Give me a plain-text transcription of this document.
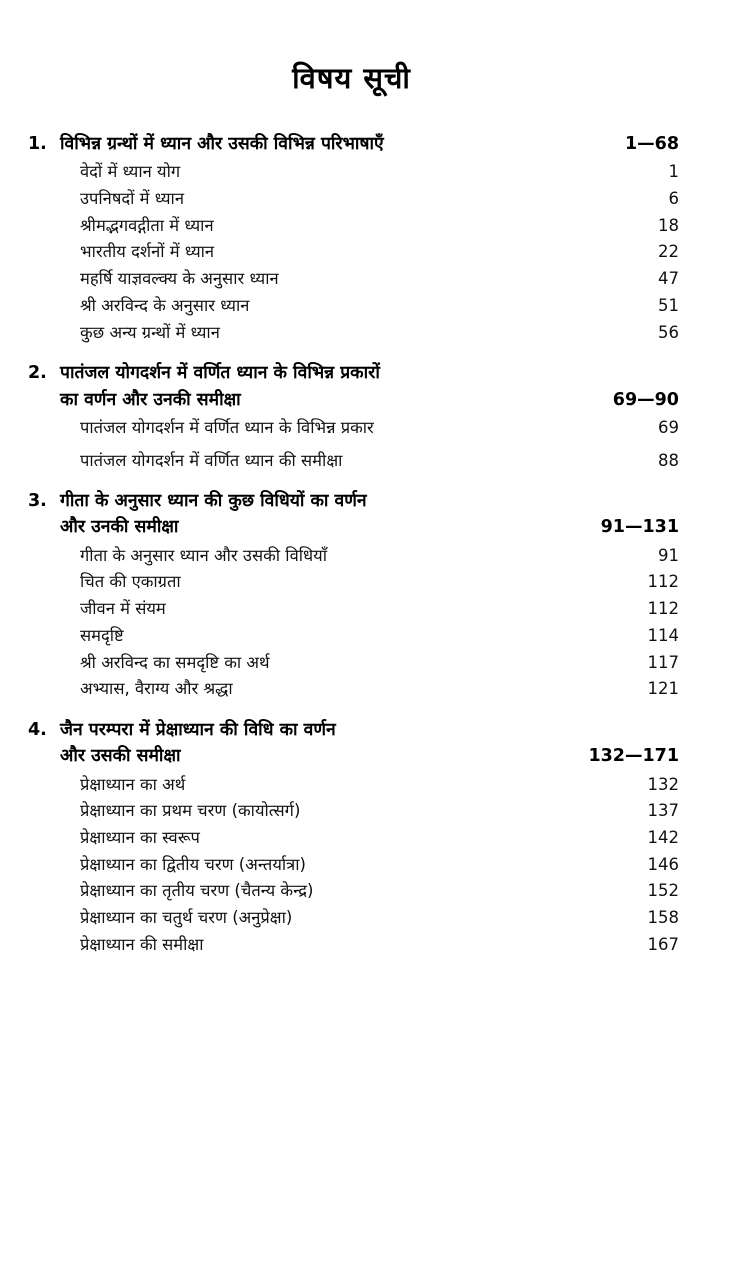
विषय सूची
1. विभिन्न ग्रन्थों में ध्यान और उसकी विभिन्न परिभाषाएँ	1—68
वेदों में ध्यान योग	1
उपनिषदों में ध्यान	6
श्रीमद्भगवद्गीता में ध्यान	18
भारतीय दर्शनों में ध्यान	22
महर्षि याज्ञवल्क्य के अनुसार ध्यान	47
श्री अरविन्द के अनुसार ध्यान	51
कुछ अन्य ग्रन्थों में ध्यान	56
2. पातंजल योगदर्शन में वर्णित ध्यान के विभिन्न प्रकारों
का वर्णन और उनकी समीक्षा	69—90
पातंजल योगदर्शन में वर्णित ध्यान के विभिन्न प्रकार	69
पातंजल योगदर्शन में वर्णित ध्यान की समीक्षा	88
3. गीता के अनुसार ध्यान की कुछ विधियों का वर्णन
और उनकी समीक्षा	91—131
गीता के अनुसार ध्यान और उसकी विधियाँ	91
चित की एकाग्रता	112
जीवन में संयम	112
समदृष्टि	114
श्री अरविन्द का समदृष्टि का अर्थ	117
अभ्यास, वैराग्य और श्रद्धा	121
4. जैन परम्परा में प्रेक्षाध्यान की विधि का वर्णन
और उसकी समीक्षा	132—171
प्रेक्षाध्यान का अर्थ	132
प्रेक्षाध्यान का प्रथम चरण (कायोत्सर्ग)	137
प्रेक्षाध्यान का स्वरूप	142
प्रेक्षाध्यान का द्वितीय चरण (अन्तर्यात्रा)	146
प्रेक्षाध्यान का तृतीय चरण (चैतन्य केन्द्र)	152
प्रेक्षाध्यान का चतुर्थ चरण (अनुप्रेक्षा)	158
प्रेक्षाध्यान की समीक्षा	167
